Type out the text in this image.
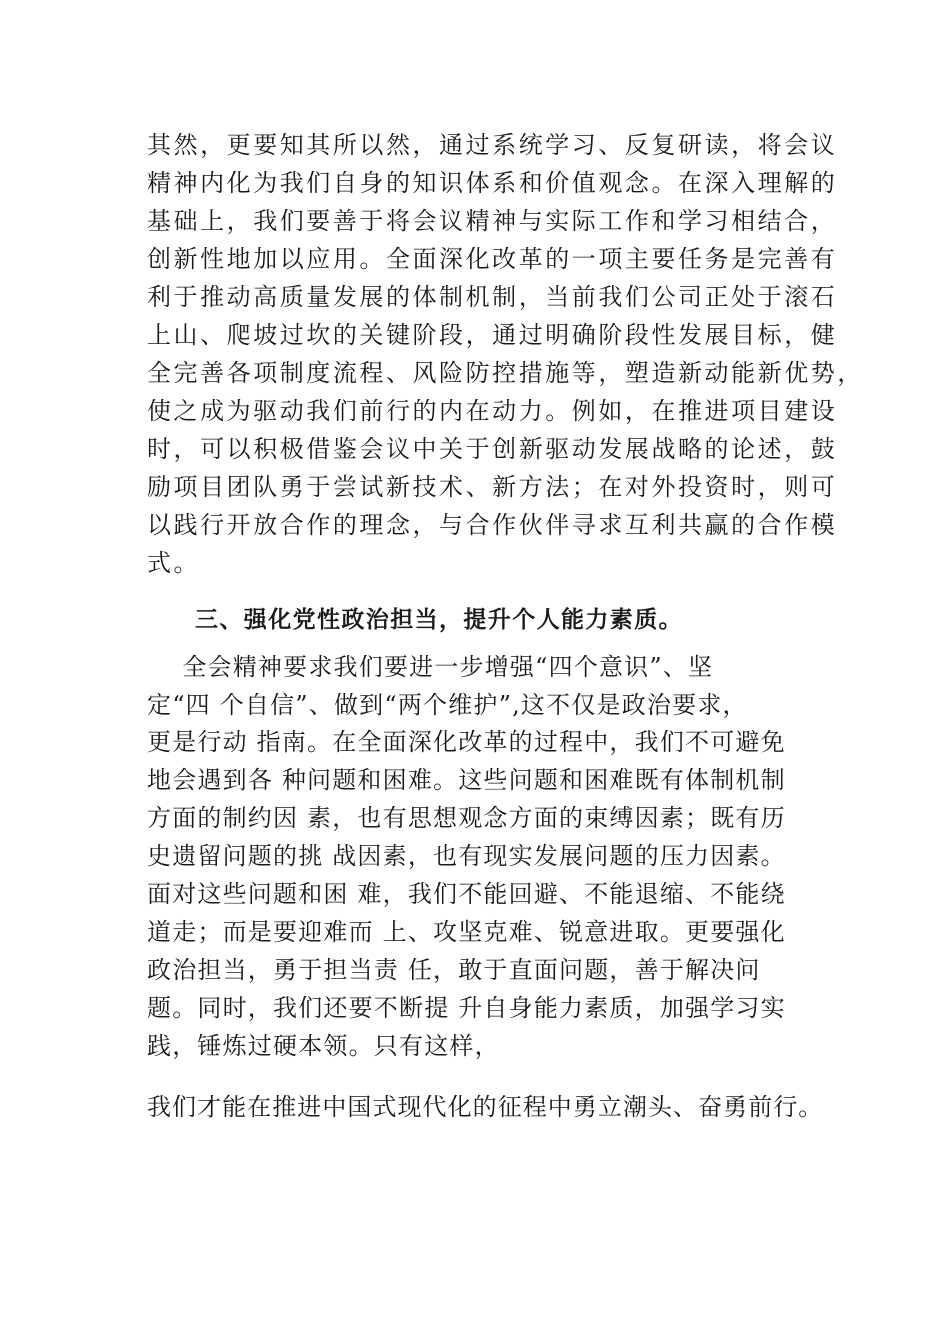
其然，更要知其所以然，通过系统学习、反复研读，将会议

精神内化为我们自身的知识体系和价值观念。在深入理解的

基础上，我们要善于将会议精神与实际工作和学习相结合，

创新性地加以应用。全面深化改革的一项主要任务是完善有

利于推动高质量发展的体制机制，当前我们公司正处于滚石

上山、爬坡过坎的关键阶段，通过明确阶段性发展目标，健

全完善各项制度流程、风险防控措施等，塑造新动能新优势，

使之成为驱动我们前行的内在动力。例如，在推进项目建设

时，可以积极借鉴会议中关于创新驱动发展战略的论述，鼓

励项目团队勇于尝试新技术、新方法；在对外投资时，则可

以践行开放合作的理念，与合作伙伴寻求互利共赢的合作模

式。

三、强化党性政治担当，提升个人能力素质。

全会精神要求我们要进一步增强“四个意识”、坚

定“四 个自信”、做到“两个维护”,这不仅是政治要求，

更是行动 指南。在全面深化改革的过程中，我们不可避免

地会遇到各 种问题和困难。这些问题和困难既有体制机制

方面的制约因 素，也有思想观念方面的束缚因素；既有历

史遗留问题的挑 战因素，也有现实发展问题的压力因素。

面对这些问题和困 难，我们不能回避、不能退缩、不能绕

道走；而是要迎难而 上、攻坚克难、锐意进取。更要强化

政治担当，勇于担当责 任，敢于直面问题，善于解决问

题。同时，我们还要不断提 升自身能力素质，加强学习实

践，锤炼过硬本领。只有这样，

我们才能在推进中国式现代化的征程中勇立潮头、奋勇前行。
